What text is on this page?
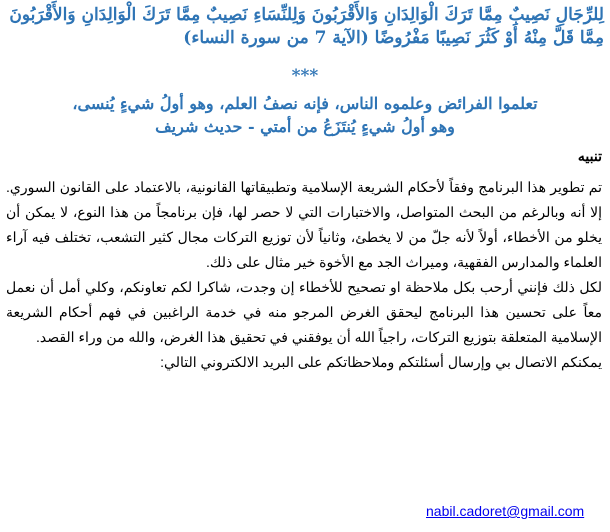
لِلرِّجَالِ نَصِيبٌ مِمَّا تَرَكَ الْوَالِدَانِ وَالأَقْرَبُونَ وَلِلنِّسَاءِ نَصِيبٌ مِمَّا تَرَكَ الْوَالِدَانِ وَالأَقْرَبُونَ مِمَّا قَلَّ مِنْهُ أَوْ كَثُرَ نَصِيبًا مَفْرُوضًا (الآية 7 من سورة النساء)
***
تعلموا الفرائض وعلموه الناس، فإنه نصفُ العلم، وهو أولُ شيءٍ يُنسى،
وهو أولُ شيءٍ يُنتَزَعُ من أمتي - حديث شريف
تنبيه

تم تطوير هذا البرنامج وفقاً لأحكام الشريعة الإسلامية وتطبيقاتها القانونية، بالاعتماد على القانون السوري. إلا أنه وبالرغم من البحث المتواصل، والاختبارات التي لا حصر لها، فإن برنامجاً من هذا النوع، لا يمكن أن يخلو من الأخطاء، أولاً لأنه جلّ من لا يخطئ، وثانياً لأن توزيع التركات مجال كثير التشعب، تختلف فيه آراء العلماء والمدارس الفقهية، وميراث الجد مع الأخوة خير مثال على ذلك.

لكل ذلك فإنني أرحب بكل ملاحظة او تصحيح للأخطاء إن وجدت، شاكرا لكم تعاونكم، وكلي أمل أن نعمل معاً على تحسين هذا البرنامج ليحقق الغرض المرجو منه في خدمة الراغبين في فهم أحكام الشريعة الإسلامية المتعلقة بتوزيع التركات، راجياً الله أن يوفقني في تحقيق هذا الغرض، والله من وراء القصد.

يمكنكم الاتصال بي وإرسال أسئلتكم وملاحظاتكم على البريد الالكتروني التالي:

nabil.cadoret@gmail.com
